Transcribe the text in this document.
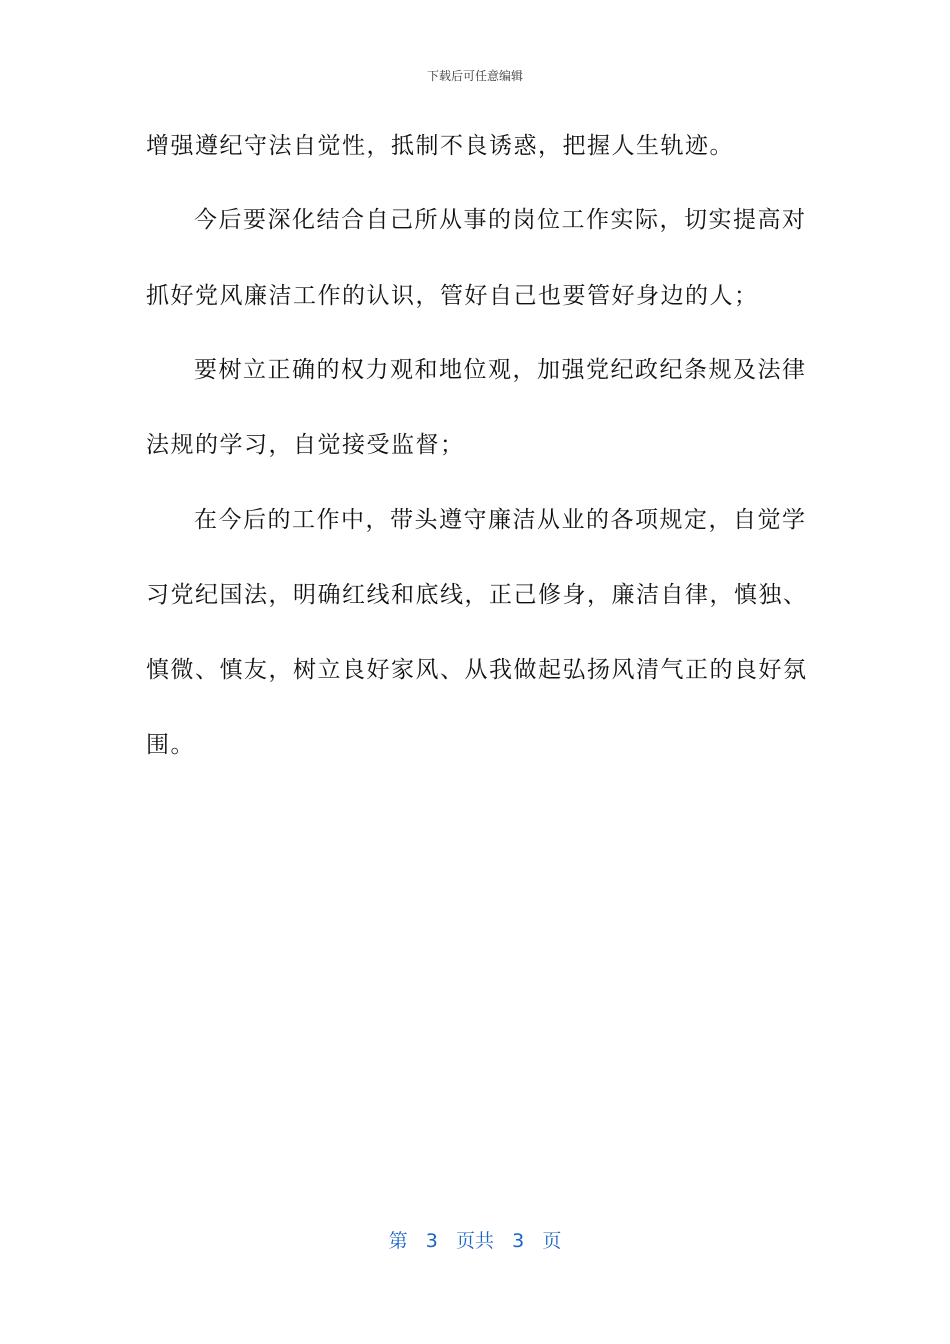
下载后可任意编辑
增强遵纪守法自觉性，抵制不良诱惑，把握人生轨迹。
今后要深化结合自己所从事的岗位工作实际，切实提高对
抓好党风廉洁工作的认识，管好自己也要管好身边的人；
要树立正确的权力观和地位观，加强党纪政纪条规及法律
法规的学习，自觉接受监督；
在今后的工作中，带头遵守廉洁从业的各项规定，自觉学
习党纪国法，明确红线和底线，正己修身，廉洁自律，慎独、
慎微、慎友，树立良好家风、从我做起弘扬风清气正的良好氛
围。
第 3 页共 3 页
